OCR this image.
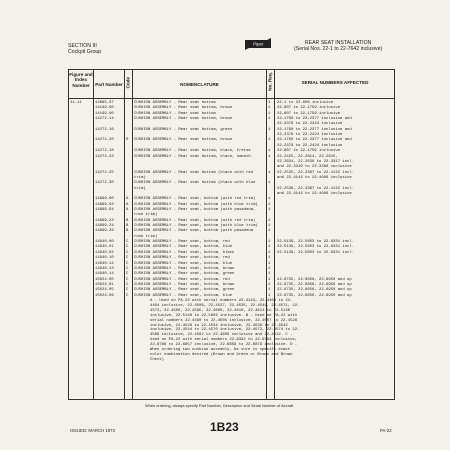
SECTION III
Cockpit Group
Piper	REAR SEAT INSTALLATION
(Serial Nos. 22-1 to 22-7642 inclusive)
Figure and Index Number	Part Number Code	NOMENCLATURE	No. Req.	SERIAL NUMBERS AFFECTED
11-11	12695-37	CUSHION ASSEMBLY - Rear seat bottom	1 22-1 to 22-806 inclusive
14199-00	CUSHION ASSEMBLY - Rear seat bottom, brown	1 22-807 to 22-1759 inclusive
14199-00	CUSHION ASSEMBLY - Rear seat bottom	1 22-807 to 22-1759 inclusive
14272-14	CUSHION ASSEMBLY - Rear seat bottom, brown	1 22-1760 to 22-2377 inclusive and
22-2379 to 22-2424 inclusive
14272-16	CUSHION ASSEMBLY - Rear seat bottom, green	1 22-1760 to 22-2377 inclusive and
22-2379 to 22-2424 inclusive
14272-20	D CUSHION ASSEMBLY - Rear seat bottom, brown	1 22-1760 to 22-2377 inclusive and
22-2379 to 22-2424 inclusive
14272-18	CUSHION ASSEMBLY - Rear seat bottom, black, fretse	1 22-807 to 22-1759 inclusive
14272-23	CUSHION ASSEMBLY - Rear seat bottom, black, smooth	1 22-2425, 22-2614, 22-2615,
22-2634, 22-2639 to 22-3317 incl.
and 22-3319 to 22-3368 inclusive
14272-25	CUSHION ASSEMBLY - Rear seat bottom (black with red	1 22-2535, 22-2387 to 22-4142 incl.
trim)	and 22-4144 to 22-4609 inclusive
14272-30	CUSHION ASSEMBLY - Rear seat bottom (black with blue	1
trim)	22-2536, 22-3367 to 22-4142 incl.
and 22-4144 to 22-4609 inclusive
14899-00	A CUSHION ASSEMBLY - Rear seat, bottom (with red trim)	1
14899-02	A CUSHION ASSEMBLY - Rear seat, bottom (with blue trim)	1
14899-04	A CUSHION ASSEMBLY - Rear seat, bottom (with pasadena,	1
rose trim)
14899-22	B CUSHION ASSEMBLY - Rear seat, bottom (with red trim)	1
14899-24	B CUSHION ASSEMBLY - Rear seat, bottom (with blue trim)	1
14899-26	B CUSHION ASSEMBLY - Rear seat, bottom (with pasadena	1
rose trim)
14940-00	C CUSHION ASSEMBLY - Rear seat, bottom, red	1 22-5139, 22-5603 to 22-6331 incl.
14940-01	C CUSHION ASSEMBLY - Rear seat, bottom, blue	1 22-5139, 22-5603 to 22-6331 incl.
14940-02	C CUSHION ASSEMBLY - Rear seat, bottom, black	1 22-5139, 22-5603 to 22-6331 incl.
14940-10	C CUSHION ASSEMBLY - Rear seat, bottom, red	1
14940-12	C CUSHION ASSEMBLY - Rear seat, bottom, blue	1
14940-13	C CUSHION ASSEMBLY - Rear seat, bottom, brown	1
14940-14	C CUSHION ASSEMBLY - Rear seat, bottom, green	1
15024-00	C CUSHION ASSEMBLY - Rear seat, bottom, red	1 22-6735, 22-6656, 22-6950 and up
15024-01	C CUSHION ASSEMBLY - Rear seat, bottom, brown	1 22-6735, 22-6656, 22-6950 and up
15024-05	C CUSHION ASSEMBLY - Rear seat, bottom, green	1 22-6735, 22-6656, 22-6950 and up
15024-06	C CUSHION ASSEMBLY - Rear seat, bottom, blue	1 22-6735, 22-6656, 22-6950 and up
A - Used on PA-22 with serial numbers 22-4143, 22-4460 to 22-4494 inclusive, 22-4508, 22-4527, 22-4535, 22-4541, 22-4571, 22-4573, 22-4580, 22-4595, 22-4600, 22-4610, 22-4613 to 22-5136 inclusive, 22-5140 to 22-5602 inclusive. B - Used on PA-22 with serial numbers 22-4490 to 22-4505 inclusive, 22-4507 to 22-4526 inclusive, 22-4528 to 22-4534 inclusive, 22-4536 to 22-4542 inclusive, 22-4544 to 22-4570 inclusive, 22-4572, 22-4574 to 22-4589 inclusive, 22-4592 to 22-4609 inclusive and 22-4612. C - Used on PA-22 with serial numbers 22-6332 to 22-6784 inclusive, 22-6786 to 22-6857 inclusive, 22-6859 to 22-6879 inclusive. D - When ordering two cushion assembly, be sure to specify exact color combination desired (Brown and Green or Brown and Brown Check)
When ordering, always specify Part Number, Description and Serial Number of Aircraft
ISSUED: MARCH 1973	1B23	PA-22
